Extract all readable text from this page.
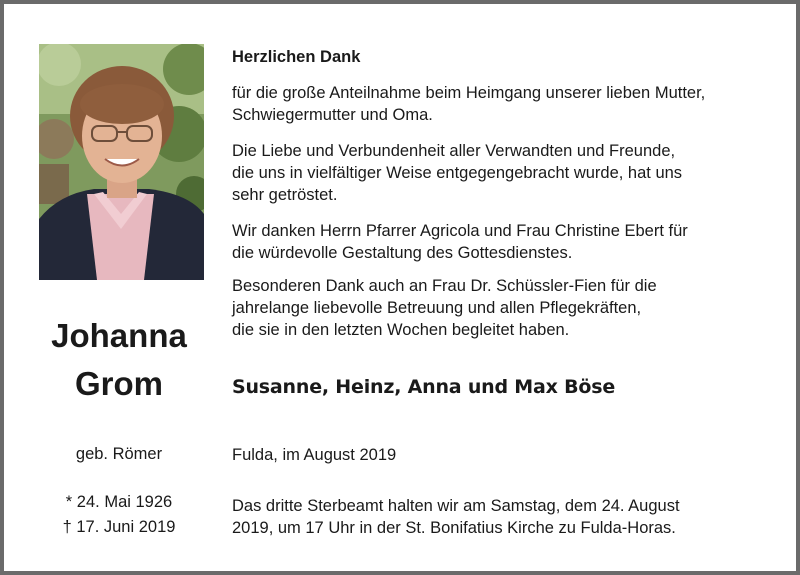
Johanna
Grom
geb. Römer
* 24. Mai 1926
† 17. Juni 2019
Herzlichen Dank

für die große Anteilnahme beim Heimgang unserer lieben Mutter,
Schwiegermutter und Oma.

Die Liebe und Verbundenheit aller Verwandten und Freunde,
die uns in vielfältiger Weise entgegengebracht wurde, hat uns
sehr getröstet.

Wir danken Herrn Pfarrer Agricola und Frau Christine Ebert für
die würdevolle Gestaltung des Gottesdienstes.

Besonderen Dank auch an Frau Dr. Schüssler-Fien für die
jahrelange liebevolle Betreuung und allen Pflegekräften,
die sie in den letzten Wochen begleitet haben.

Susanne, Heinz, Anna und Max Böse

Fulda, im August 2019

Das dritte Sterbeamt halten wir am Samstag, dem 24. August
2019, um 17 Uhr in der St. Bonifatius Kirche zu Fulda-Horas.
